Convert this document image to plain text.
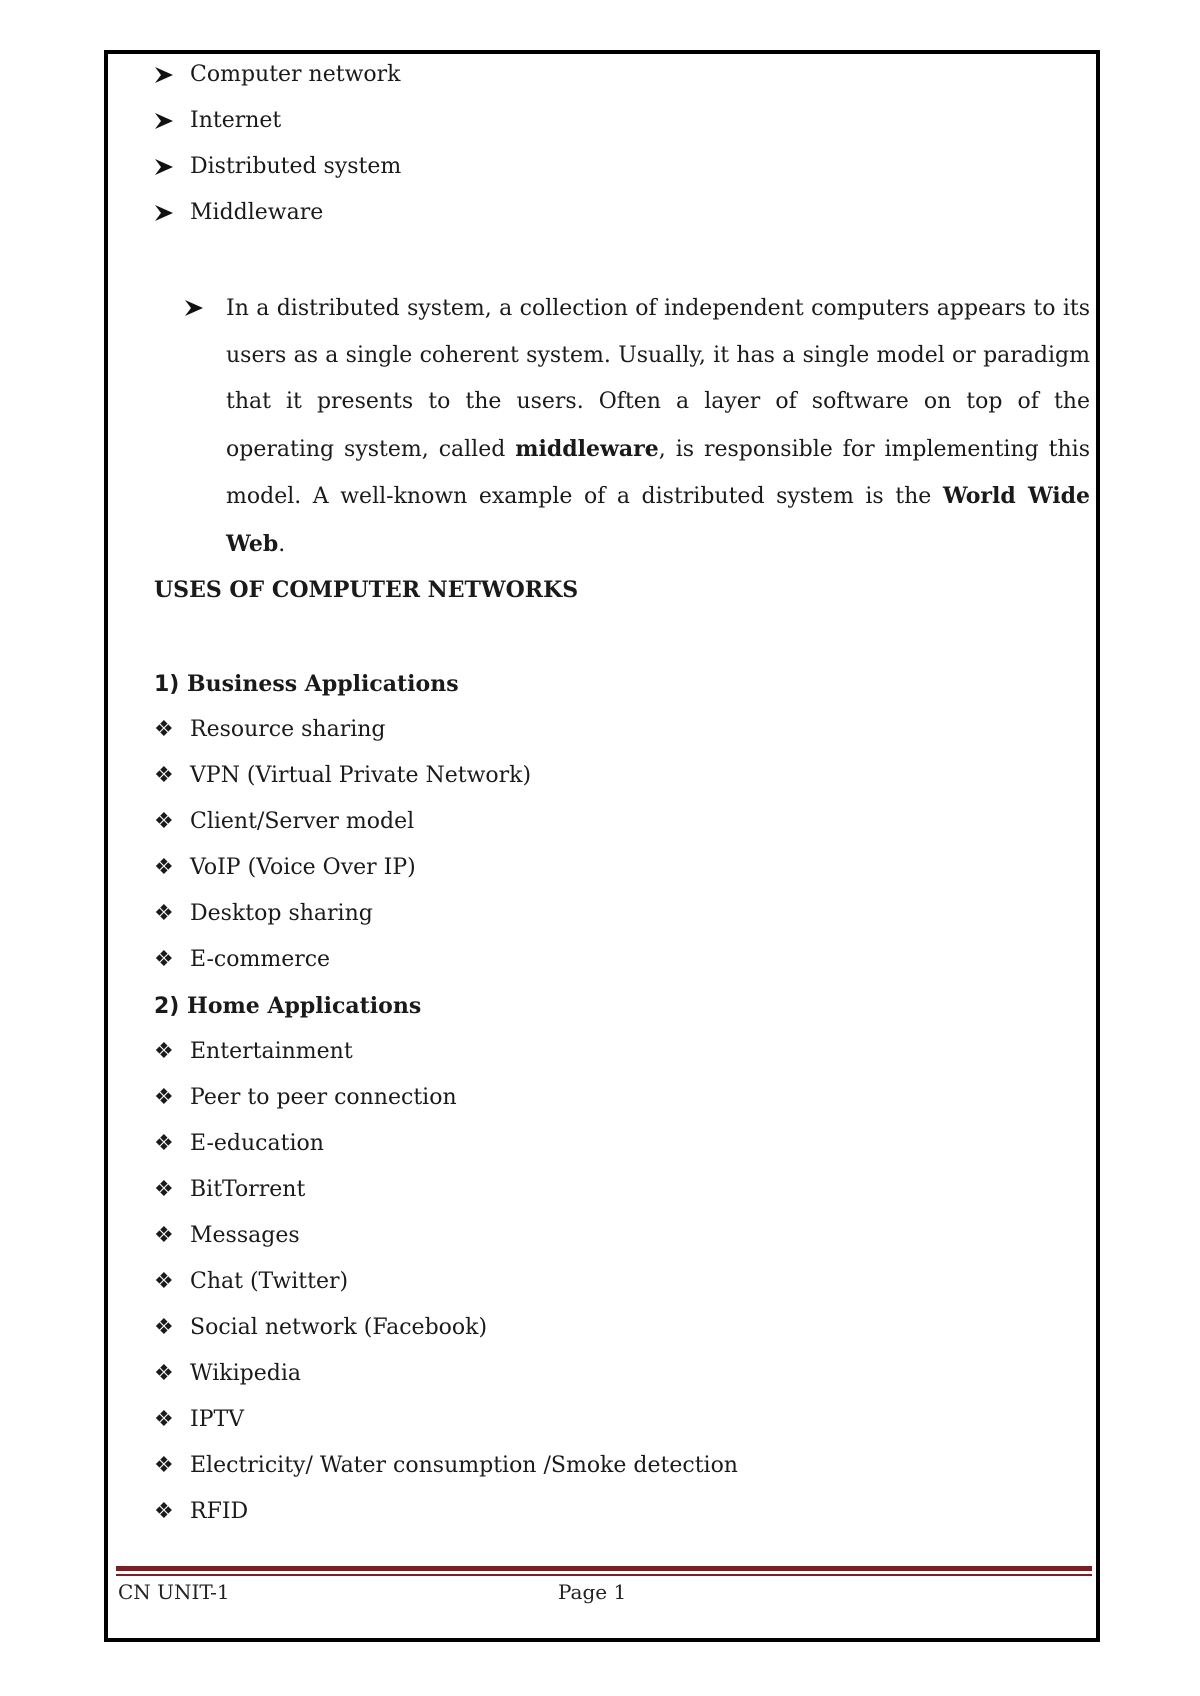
Computer network
Internet
Distributed system
Middleware
In a distributed system, a collection of independent computers appears to its users as a single coherent system. Usually, it has a single model or paradigm that it presents to the users. Often a layer of software on top of the operating system, called middleware, is responsible for implementing this model. A well-known example of a distributed system is the World Wide Web.
USES OF COMPUTER NETWORKS
1) Business Applications
❖ Resource sharing
❖ VPN (Virtual Private Network)
❖ Client/Server model
❖ VoIP (Voice Over IP)
❖ Desktop sharing
❖ E-commerce
2) Home Applications
❖ Entertainment
❖ Peer to peer connection
❖ E-education
❖ BitTorrent
❖ Messages
❖ Chat (Twitter)
❖ Social network (Facebook)
❖ Wikipedia
❖ IPTV
❖ Electricity/ Water consumption /Smoke detection
❖ RFID
CN UNIT-1	Page 1
